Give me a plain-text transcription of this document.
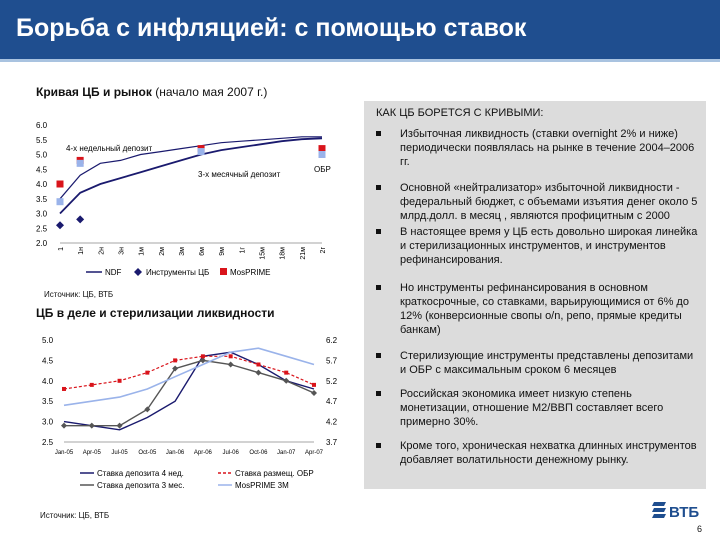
Борьба с инфляцией: с помощью ставок
Кривая ЦБ и рынок (начало мая 2007 г.)
2.0
2.5
3.0
3.5
4.0
4.5
5.0
5.5
6.0
1 1н 2н 3н 1м 2м 3м 6м 9м 1г 15м 18м 21м 2г
4-х недельный депозит
3-х месячный депозит
ОБР
NDF	Инструменты ЦБ	MosPRIME
Источник: ЦБ, ВТБ
ЦБ в деле и стерилизации ликвидности
2.5
3.0
3.5
4.0
4.5
5.0
3.7
4.2
4.7
5.2
5.7
6.2
Jan-05 Apr-05 Jul-05 Oct-05 Jan-06 Apr-06 Jul-06 Oct-06 Jan-07 Apr-07
Ставка депозита 4 нед.	Ставка размещ. ОБР
Ставка депозита 3 мес.	MosPRIME 3M
Источник: ЦБ, ВТБ
КАК ЦБ БОРЕТСЯ С КРИВЫМИ:
Избыточная ликвидность (ставки overnight 2% и ниже) периодически появлялась на рынке в течение 2004–2006 гг.
Основной «нейтрализатор» избыточной ликвидности - федеральный бюджет, с объемами изъятия денег около 5 млрд.долл. в месяц , являются профицитным с 2000
В настоящее время у ЦБ есть довольно широкая линейка и стерилизационных инструментов, и инструментов рефинансирования.
Но инструменты рефинансирования в основном краткосрочные, со ставками, варьирующимися от 6% до 12% (конверсионные свопы o/n, репо, прямые кредиты банкам)
Стерилизующие инструменты представлены депозитами и ОБР с максимальным сроком 6 месяцев
Российская экономика имеет низкую степень монетизации, отношение М2/ВВП составляет всего примерно 30%.
Кроме того, хроническая нехватка длинных инструментов добавляет волатильности денежному рынку.
ВТБ
6
